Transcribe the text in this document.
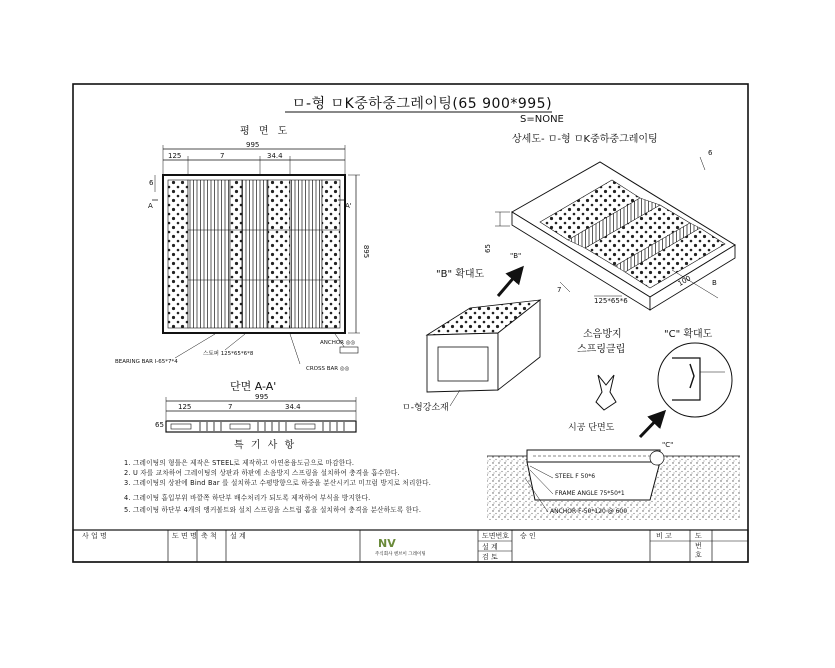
ㅁ-형 ㅁK중하중그레이팅(65 900*995)
S=NONE
평 면 도
995
125	7	34.4
6
A	A'
895
BEARING BAR I-65*7*4
스토퍼 125*65*6*8
CROSS BAR ◎◎
ANCHOR ◎◎
단면 A-A'
995
125	7	34.4
65
특 기 사 항
1. 그레이팅의 형틀은 제작은 STEEL로 제작하고 아연용융도금으로 마감한다.
2. U 자를 교차하여 그레이팅의 상판과 하판에 소음방지 스프링을 설치하여 충격을 흡수한다.
3. 그레이팅의 상판에 Bind Bar 를 설치하고 수평방향으로 하중을 분산시키고 미끄럼 방지로 처리한다.
4. 그레이팅 흡입부위 바깥쪽 하단부 배수처리가 되도록 제작하여 부식을 방지한다.
5. 그레이팅 하단부 4개의 앵커볼트와 설치 스프링을 스트립 홈을 설치하여 충격을 분산하도록 한다.
상세도- ㅁ-형 ㅁK중하중그레이팅
6
65
7
100
125*65*6
"B"
B
"B" 확대도
ㅁ-형강소재
소음방지
스프링클립
"C" 확대도
시공 단면도
"C"
STEEL F 50*6
FRAME ANGLE 75*50*1
ANCHOR F-50*120 @ 600
사 업 명	도 면 명 축 척 설 계	도면번호
설 계
검 토
승 인
NV
주식회사 엔브이 그레이팅
비 고	도
번
호
